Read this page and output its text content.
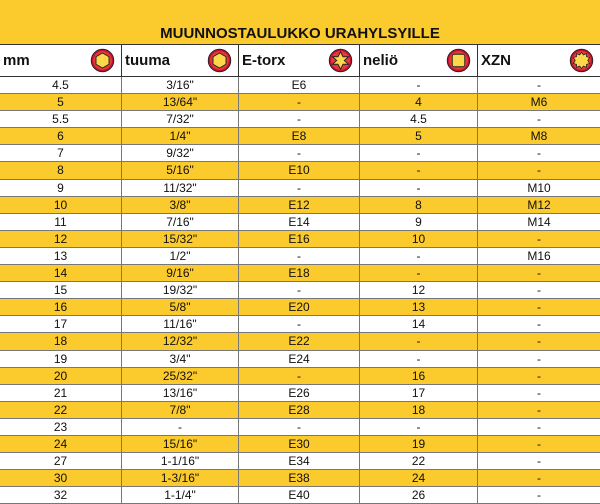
MUUNNOSTAULUKKO URAHYLSYILLE
mm	tuuma	E-torx	neliö	XZN
4.5	3/16"	E6	-	-
5	13/64"	-	4	M6
5.5	7/32"	-	4.5	-
6	1/4"	E8	5	M8
7	9/32"	-	-	-
8	5/16"	E10	-	-
9	11/32"	-	-	M10
10	3/8"	E12	8	M12
11	7/16"	E14	9	M14
12	15/32"	E16	10	-
13	1/2"	-	-	M16
14	9/16"	E18	-	-
15	19/32"	-	12	-
16	5/8"	E20	13	-
17	11/16"	-	14	-
18	12/32"	E22	-	-
19	3/4"	E24	-	-
20	25/32"	-	16	-
21	13/16"	E26	17	-
22	7/8"	E28	18	-
23	-	-	-	-
24	15/16"	E30	19	-
27	1-1/16"	E34	22	-
30	1-3/16"	E38	24	-
32	1-1/4"	E40	26	-
